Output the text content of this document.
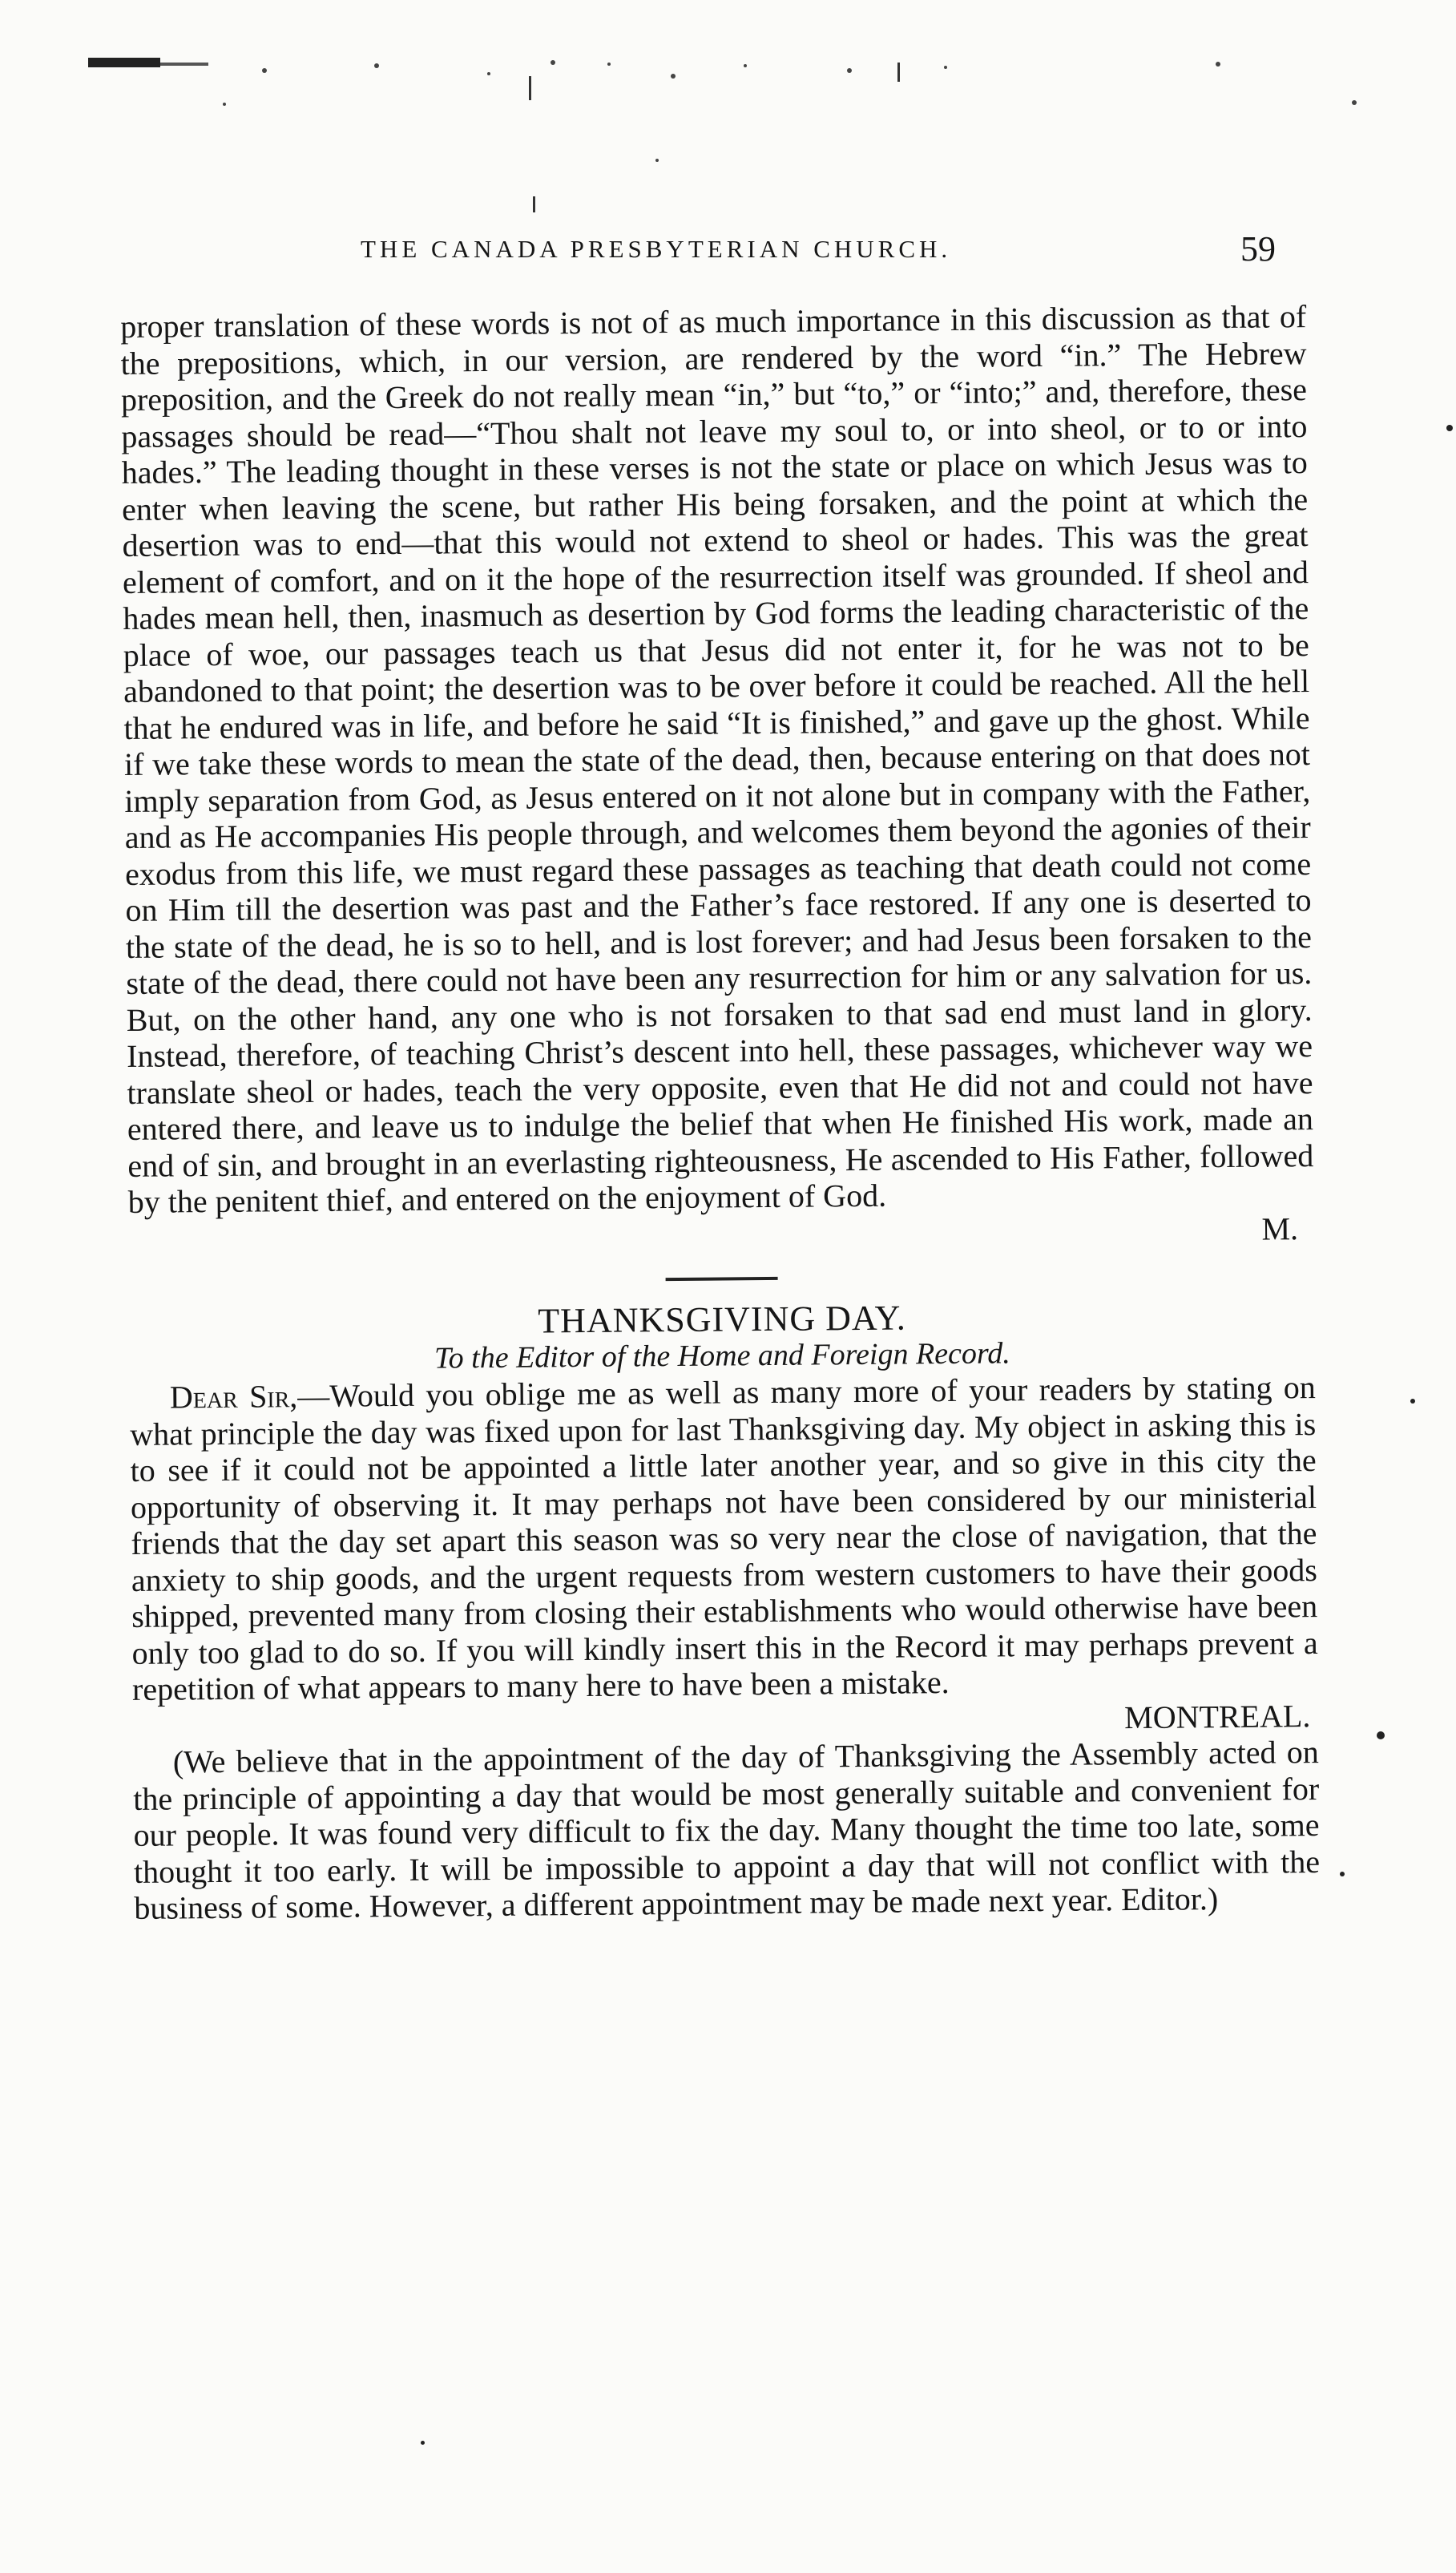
THE CANADA PRESBYTERIAN CHURCH.	59

proper translation of these words is not of as much importance in this discussion as that of the prepositions, which, in our version, are rendered by the word “in.” The Hebrew preposition, and the Greek do not really mean “in,” but “to,” or “into;” and, therefore, these passages should be read—“Thou shalt not leave my soul to, or into sheol, or to or into hades.” The leading thought in these verses is not the state or place on which Jesus was to enter when leaving the scene, but rather His being forsaken, and the point at which the desertion was to end—that this would not extend to sheol or hades. This was the great element of comfort, and on it the hope of the resurrection itself was grounded. If sheol and hades mean hell, then, inasmuch as desertion by God forms the leading characteristic of the place of woe, our passages teach us that Jesus did not enter it, for he was not to be abandoned to that point; the desertion was to be over before it could be reached. All the hell that he endured was in life, and before he said “It is finished,” and gave up the ghost. While if we take these words to mean the state of the dead, then, because entering on that does not imply separation from God, as Jesus entered on it not alone but in company with the Father, and as He accompanies His people through, and welcomes them beyond the agonies of their exodus from this life, we must regard these passages as teaching that death could not come on Him till the desertion was past and the Father’s face restored. If any one is deserted to the state of the dead, he is so to hell, and is lost forever; and had Jesus been forsaken to the state of the dead, there could not have been any resurrection for him or any salvation for us. But, on the other hand, any one who is not forsaken to that sad end must land in glory. Instead, therefore, of teaching Christ’s descent into hell, these passages, whichever way we translate sheol or hades, teach the very opposite, even that He did not and could not have entered there, and leave us to indulge the belief that when He finished His work, made an end of sin, and brought in an everlasting righteousness, He ascended to His Father, followed by the penitent thief, and entered on the enjoyment of God.

M.

THANKSGIVING DAY.

To the Editor of the Home and Foreign Record.

Dear Sir,—Would you oblige me as well as many more of your readers by stating on what principle the day was fixed upon for last Thanksgiving day. My object in asking this is to see if it could not be appointed a little later another year, and so give in this city the opportunity of observing it. It may perhaps not have been considered by our ministerial friends that the day set apart this season was so very near the close of navigation, that the anxiety to ship goods, and the urgent requests from western customers to have their goods shipped, prevented many from closing their establishments who would otherwise have been only too glad to do so. If you will kindly insert this in the Record it may perhaps prevent a repetition of what appears to many here to have been a mistake.

MONTREAL.

(We believe that in the appointment of the day of Thanksgiving the Assembly acted on the principle of appointing a day that would be most generally suitable and convenient for our people. It was found very difficult to fix the day. Many thought the time too late, some thought it too early. It will be impossible to appoint a day that will not conflict with the business of some. However, a different appointment may be made next year. Editor.)
